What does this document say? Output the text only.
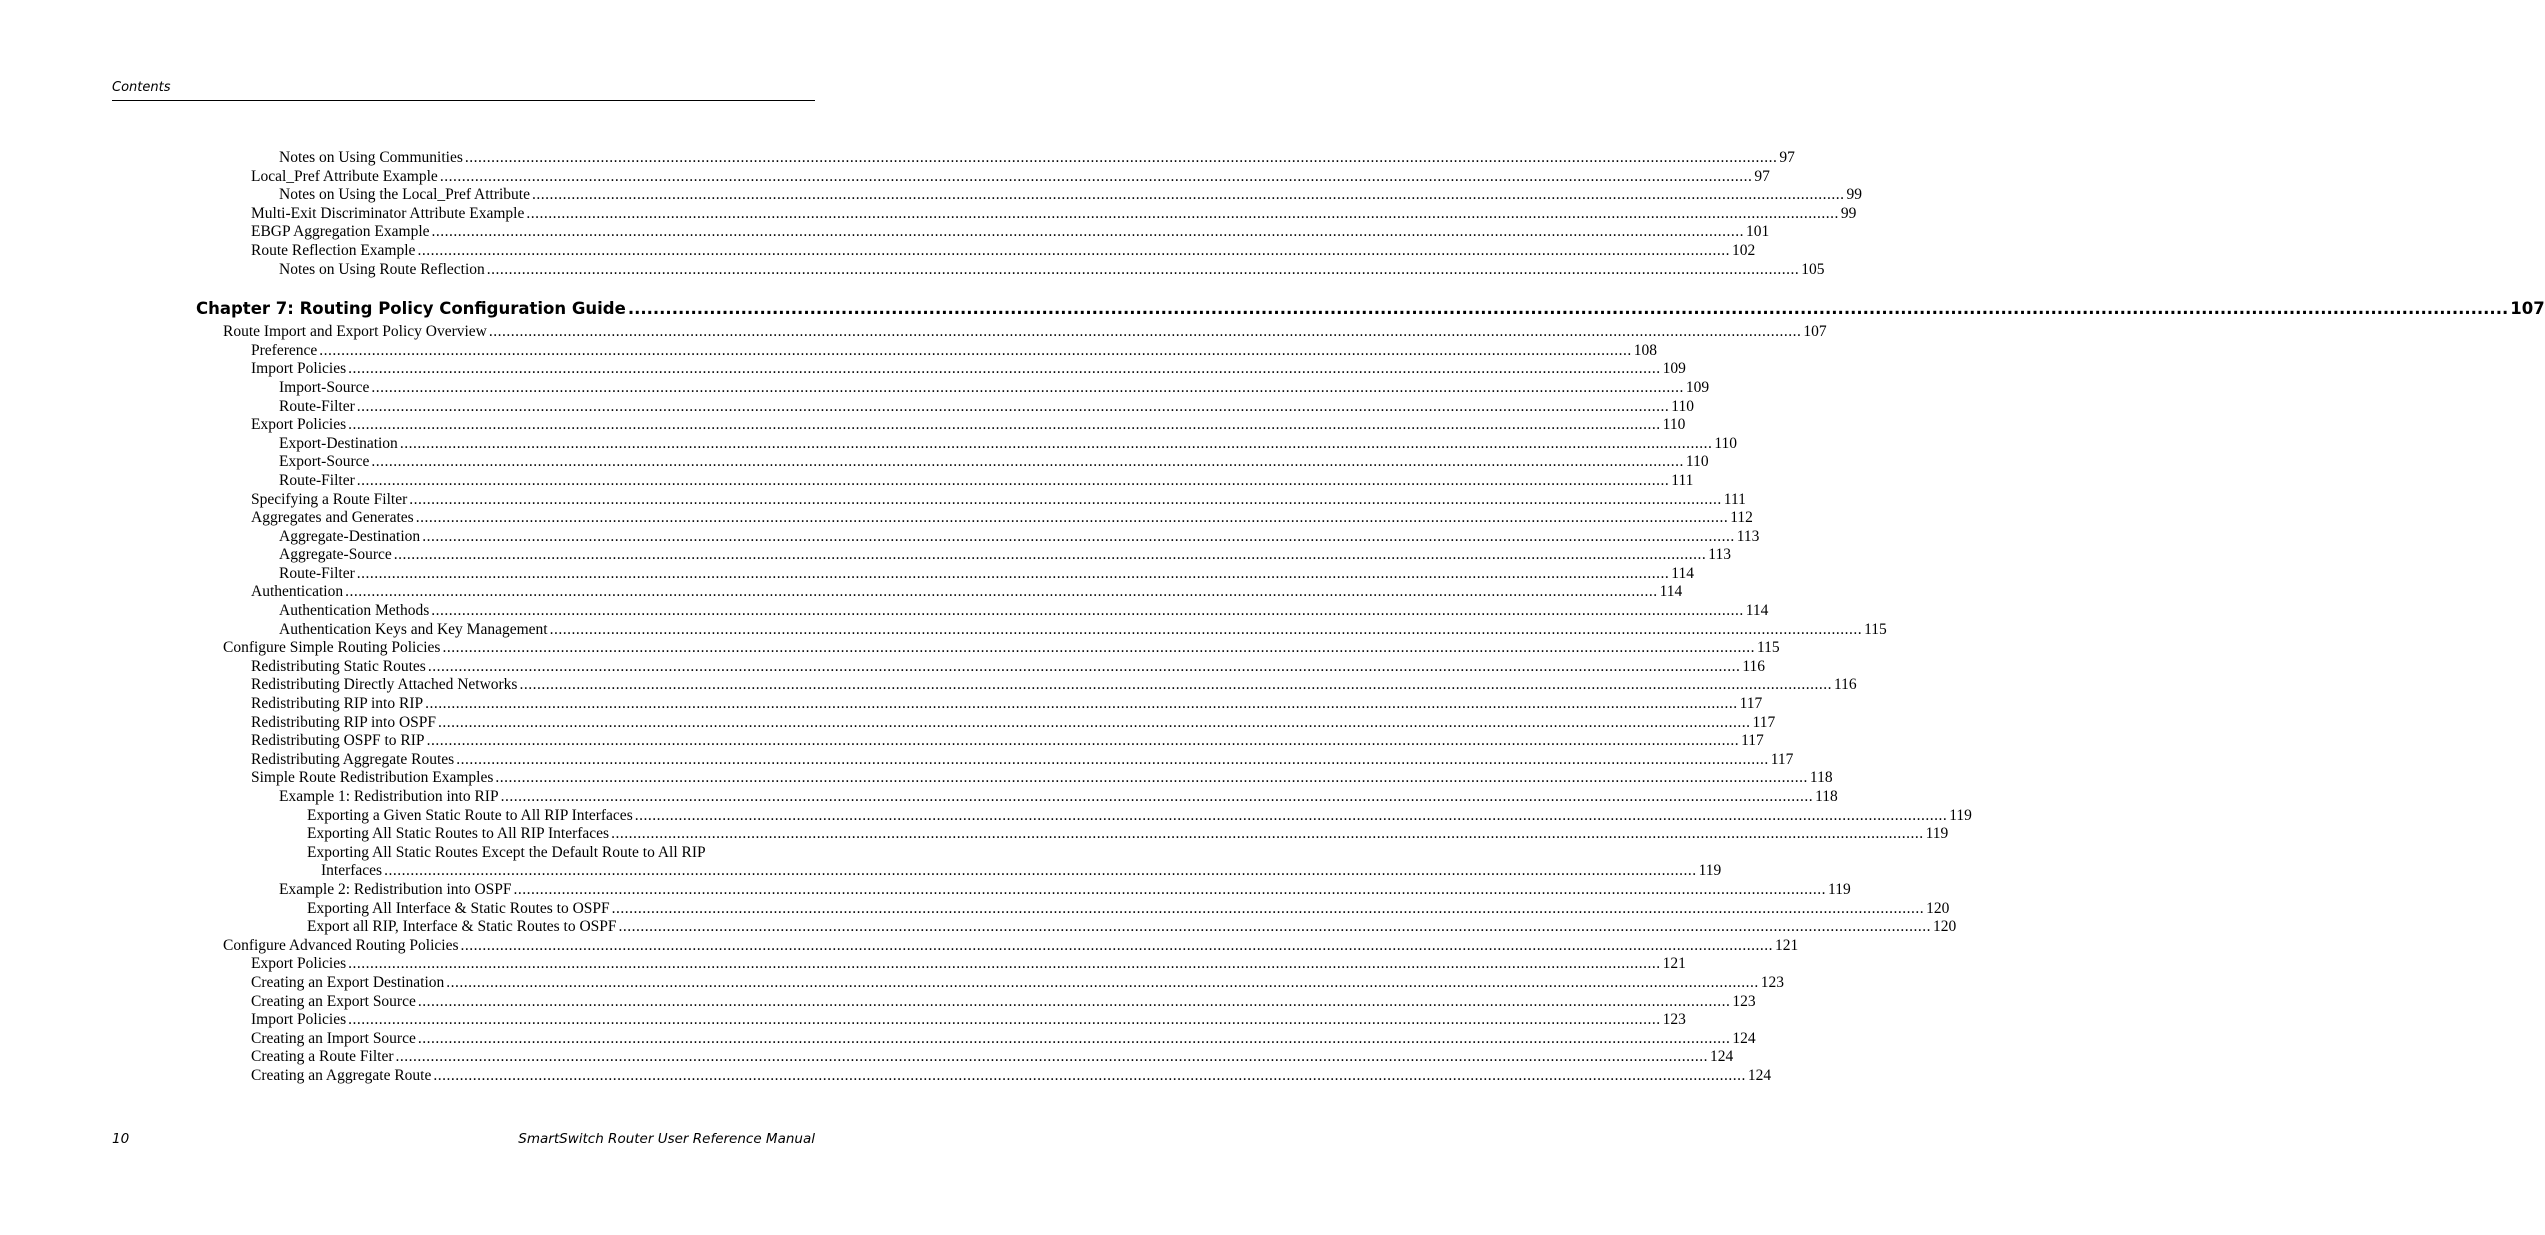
Contents
Notes on Using Communities ............................................................................................................................................................................................................................................................................................................ 97
Local_Pref Attribute Example ............................................................................................................................................................................................................................................................................................................ 97
Notes on Using the Local_Pref Attribute ............................................................................................................................................................................................................................................................................................................ 99
Multi-Exit Discriminator Attribute Example ............................................................................................................................................................................................................................................................................................................ 99
EBGP Aggregation Example ............................................................................................................................................................................................................................................................................................................ 101
Route Reflection Example ............................................................................................................................................................................................................................................................................................................ 102
Notes on Using Route Reflection ............................................................................................................................................................................................................................................................................................................ 105
Chapter 7: Routing Policy Configuration Guide ............................................................................................................................................................................................................................................................................................................ 107
Route Import and Export Policy Overview ............................................................................................................................................................................................................................................................................................................ 107
Preference ............................................................................................................................................................................................................................................................................................................ 108
Import Policies ............................................................................................................................................................................................................................................................................................................ 109
Import-Source ............................................................................................................................................................................................................................................................................................................ 109
Route-Filter ............................................................................................................................................................................................................................................................................................................ 110
Export Policies ............................................................................................................................................................................................................................................................................................................ 110
Export-Destination ............................................................................................................................................................................................................................................................................................................ 110
Export-Source ............................................................................................................................................................................................................................................................................................................ 110
Route-Filter ............................................................................................................................................................................................................................................................................................................ 111
Specifying a Route Filter ............................................................................................................................................................................................................................................................................................................ 111
Aggregates and Generates ............................................................................................................................................................................................................................................................................................................ 112
Aggregate-Destination ............................................................................................................................................................................................................................................................................................................ 113
Aggregate-Source ............................................................................................................................................................................................................................................................................................................ 113
Route-Filter ............................................................................................................................................................................................................................................................................................................ 114
Authentication ............................................................................................................................................................................................................................................................................................................ 114
Authentication Methods ............................................................................................................................................................................................................................................................................................................ 114
Authentication Keys and Key Management ............................................................................................................................................................................................................................................................................................................ 115
Configure Simple Routing Policies ............................................................................................................................................................................................................................................................................................................ 115
Redistributing Static Routes ............................................................................................................................................................................................................................................................................................................ 116
Redistributing Directly Attached Networks ............................................................................................................................................................................................................................................................................................................ 116
Redistributing RIP into RIP ............................................................................................................................................................................................................................................................................................................ 117
Redistributing RIP into OSPF ............................................................................................................................................................................................................................................................................................................ 117
Redistributing OSPF to RIP ............................................................................................................................................................................................................................................................................................................ 117
Redistributing Aggregate Routes ............................................................................................................................................................................................................................................................................................................ 117
Simple Route Redistribution Examples ............................................................................................................................................................................................................................................................................................................ 118
Example 1: Redistribution into RIP ............................................................................................................................................................................................................................................................................................................ 118
Exporting a Given Static Route to All RIP Interfaces ............................................................................................................................................................................................................................................................................................................ 119
Exporting All Static Routes to All RIP Interfaces ............................................................................................................................................................................................................................................................................................................ 119
Exporting All Static Routes Except the Default Route to All RIP
Interfaces ............................................................................................................................................................................................................................................................................................................ 119
Example 2: Redistribution into OSPF ............................................................................................................................................................................................................................................................................................................ 119
Exporting All Interface & Static Routes to OSPF ............................................................................................................................................................................................................................................................................................................ 120
Export all RIP, Interface & Static Routes to OSPF ............................................................................................................................................................................................................................................................................................................ 120
Configure Advanced Routing Policies ............................................................................................................................................................................................................................................................................................................ 121
Export Policies ............................................................................................................................................................................................................................................................................................................ 121
Creating an Export Destination ............................................................................................................................................................................................................................................................................................................ 123
Creating an Export Source ............................................................................................................................................................................................................................................................................................................ 123
Import Policies ............................................................................................................................................................................................................................................................................................................ 123
Creating an Import Source ............................................................................................................................................................................................................................................................................................................ 124
Creating a Route Filter ............................................................................................................................................................................................................................................................................................................ 124
Creating an Aggregate Route ............................................................................................................................................................................................................................................................................................................ 124
10	SmartSwitch Router User Reference Manual
